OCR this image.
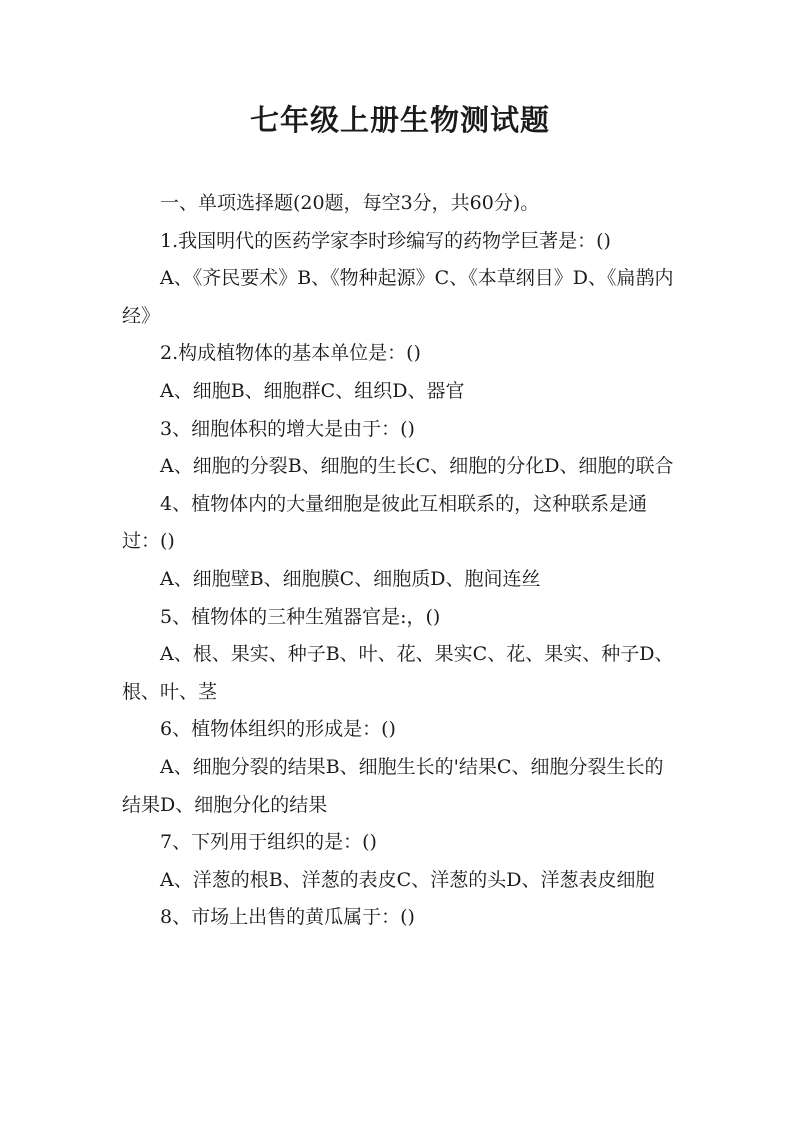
七年级上册生物测试题

一、单项选择题(20题，每空3分，共60分)。

1.我国明代的医药学家李时珍编写的药物学巨著是：()

A、《齐民要术》B、《物种起源》C、《本草纲目》D、《扁鹊内经》

2.构成植物体的基本单位是：()

A、细胞B、细胞群C、组织D、器官

3、细胞体积的增大是由于：()

A、细胞的分裂B、细胞的生长C、细胞的分化D、细胞的联合

4、植物体内的大量细胞是彼此互相联系的，这种联系是通过：()

A、细胞壁B、细胞膜C、细胞质D、胞间连丝

5、植物体的三种生殖器官是:，()

A、根、果实、种子B、叶、花、果实C、花、果实、种子D、根、叶、茎

6、植物体组织的形成是：()

A、细胞分裂的结果B、细胞生长的'结果C、细胞分裂生长的结果D、细胞分化的结果

7、下列用于组织的是：()

A、洋葱的根B、洋葱的表皮C、洋葱的头D、洋葱表皮细胞

8、市场上出售的黄瓜属于：()
